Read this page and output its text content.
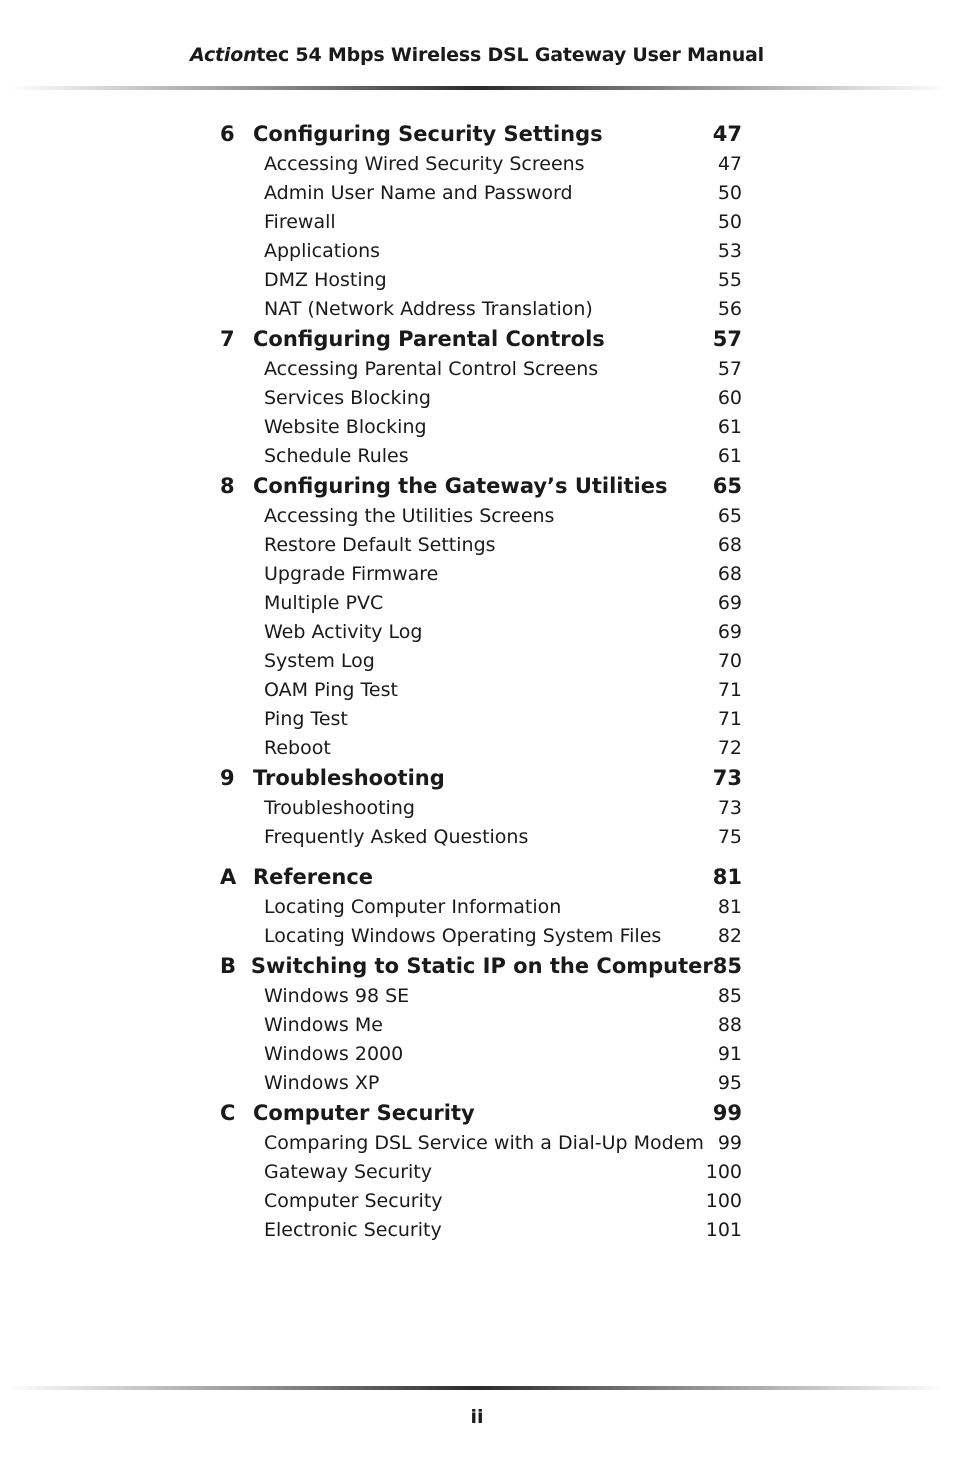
Actiontec 54 Mbps Wireless DSL Gateway User Manual
6 Configuring Security Settings	47
Accessing Wired Security Screens	47
Admin User Name and Password	50
Firewall	50
Applications	53
DMZ Hosting	55
NAT (Network Address Translation)	56
7 Configuring Parental Controls	57
Accessing Parental Control Screens	57
Services Blocking	60
Website Blocking	61
Schedule Rules	61
8 Configuring the Gateway’s Utilities	65
Accessing the Utilities Screens	65
Restore Default Settings	68
Upgrade Firmware	68
Multiple PVC	69
Web Activity Log	69
System Log	70
OAM Ping Test	71
Ping Test	71
Reboot	72
9 Troubleshooting	73
Troubleshooting	73
Frequently Asked Questions	75
A Reference	81
Locating Computer Information	81
Locating Windows Operating System Files	82
B Switching to Static IP on the Computer 85
Windows 98 SE	85
Windows Me	88
Windows 2000	91
Windows XP	95
C Computer Security	99
Comparing DSL Service with a Dial-Up Modem 99
Gateway Security	100
Computer Security	100
Electronic Security	101
ii
